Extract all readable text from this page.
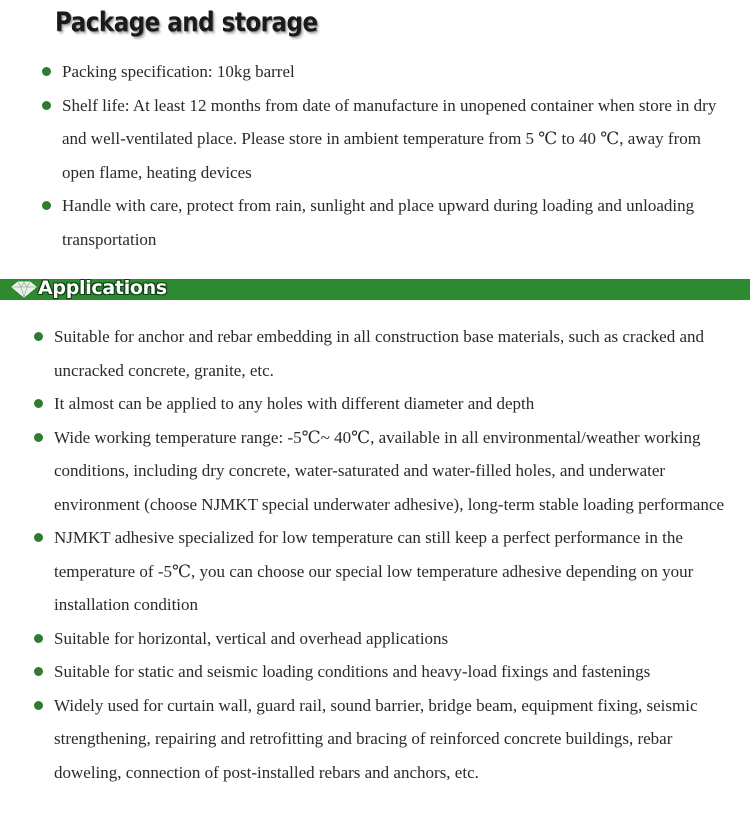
Package and storage
Packing specification: 10kg barrel
Shelf life: At least 12 months from date of manufacture in unopened container when store in dry and well-ventilated place. Please store in ambient temperature from 5 ℃ to 40 ℃, away from open flame, heating devices
Handle with care, protect from rain, sunlight and place upward during loading and unloading transportation
Applications
Suitable for anchor and rebar embedding in all construction base materials, such as cracked and uncracked concrete, granite, etc.
It almost can be applied to any holes with different diameter and depth
Wide working temperature range: -5℃~ 40℃, available in all environmental/weather working conditions, including dry concrete, water-saturated and water-filled holes, and underwater environment (choose NJMKT special underwater adhesive), long-term stable loading performance
NJMKT adhesive specialized for low temperature can still keep a perfect performance in the temperature of -5℃, you can choose our special low temperature adhesive depending on your installation condition
Suitable for horizontal, vertical and overhead applications
Suitable for static and seismic loading conditions and heavy-load fixings and fastenings
Widely used for curtain wall, guard rail, sound barrier, bridge beam, equipment fixing, seismic strengthening, repairing and retrofitting and bracing of reinforced concrete buildings, rebar doweling, connection of post-installed rebars and anchors, etc.
